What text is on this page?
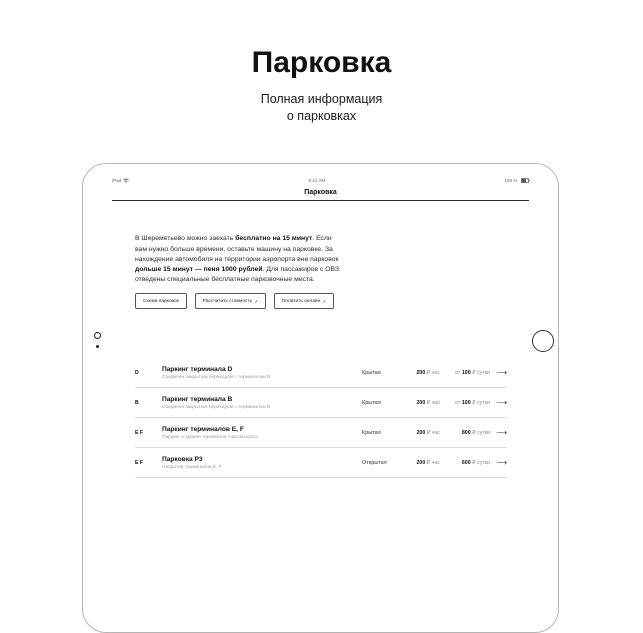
Парковка
Полная информация
о парковках
iPad	9:41 AM	100 %
Парковка

В Шереметьево можно заехать бесплатно на 15 минут. Если вам нужно больше времени, оставьте машину на парковке. За нахождение автомобиля на территории аэропорта вне парковок дольше 15 минут — пеня 1000 рублей. Для пассажиров с ОВЗ отведены специальные бесплатные парковочные места.

Схема парковок	Рассчитать стоимость ↗	Оплатить онлайн ↗
D	Паркинг терминала D
Соединен закрытым переходом с терминалом D
Крытая	200 ₽ час	от 100 ₽ сутки ⟶
B	Паркинг терминала B
Соединен закрытым переходом с терминалом B
Крытая	200 ₽ час	от 100 ₽ сутки ⟶
E F	Паркинг терминалов E, F
Паркинг в здании терминала Аэроэкспресс
Крытая	200 ₽ час	800 ₽ сутки ⟶
E F	Парковка P3
Напротив терминалов E, F
Открытая	200 ₽ час	600 ₽ сутки ⟶
